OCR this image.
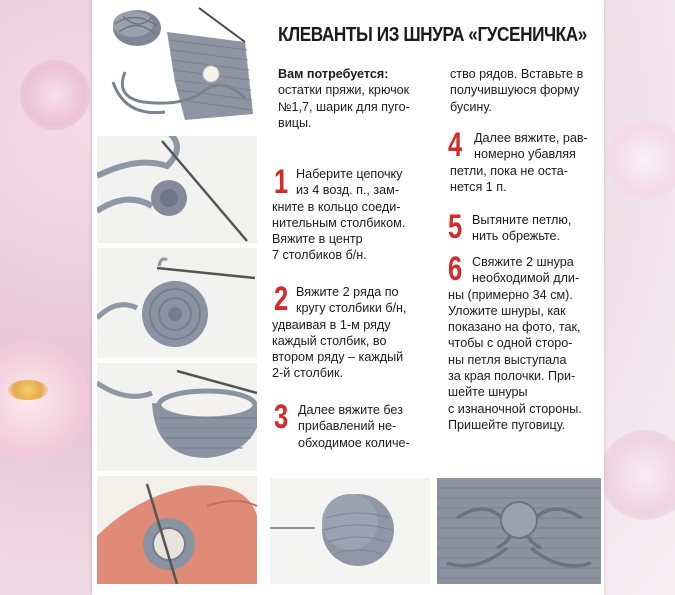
КЛЕВАНТЫ ИЗ ШНУРА «ГУСЕНИЧКА»
Вам потребуется:
остатки пряжи, крючок
№1,7, шарик для пуго-
вицы.
1 Наберите цепочку
из 4 возд. п., зам-
кните в кольцо соеди-
нительным столбиком.
Вяжите в центр
7 столбиков б/н.
2 Вяжите 2 ряда по
кругу столбики б/н,
удваивая в 1-м ряду
каждый столбик, во
втором ряду – каждый
2-й столбик.
3 Далее вяжите без
прибавлений не-
обходимое количе-
ство рядов. Вставьте в
получившуюся форму
бусину.
4 Далее вяжите, рав-
номерно убавляя
петли, пока не оста-
нется 1 п.
5 Вытяните петлю,
нить обрежьте.
6 Свяжите 2 шнура
необходимой дли-
ны (примерно 34 см).
Уложите шнуры, как
показано на фото, так,
чтобы с одной сторо-
ны петля выступала
за края полочки. При-
шейте шнуры
с изнаночной стороны.
Пришейте пуговицу.
